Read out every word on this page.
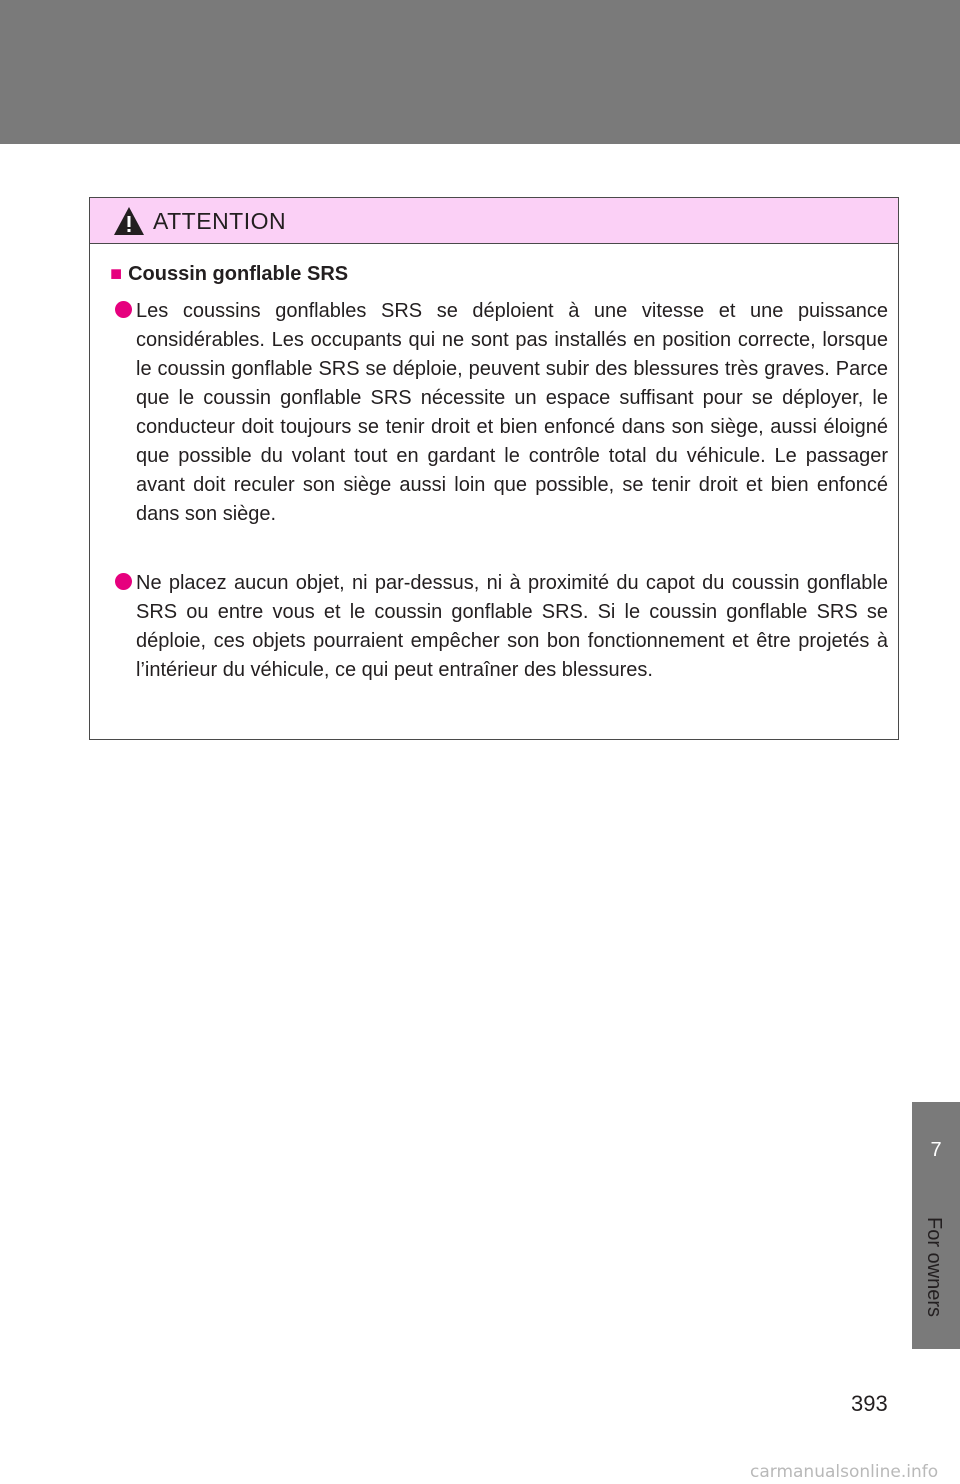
ATTENTION
■ Coussin gonflable SRS
Les coussins gonflables SRS se déploient à une vitesse et une puissance considérables. Les occupants qui ne sont pas installés en position correcte, lorsque le coussin gonflable SRS se déploie, peuvent subir des blessures très graves. Parce que le coussin gonflable SRS nécessite un espace suffisant pour se déployer, le conducteur doit toujours se tenir droit et bien enfoncé dans son siège, aussi éloigné que possible du volant tout en gardant le contrôle total du véhicule. Le passager avant doit reculer son siège aussi loin que possible, se tenir droit et bien enfoncé dans son siège.
Ne placez aucun objet, ni par-dessus, ni à proximité du capot du coussin gonflable SRS ou entre vous et le coussin gonflable SRS. Si le coussin gonflable SRS se déploie, ces objets pourraient empêcher son bon fonctionnement et être projetés à l’intérieur du véhicule, ce qui peut entraîner des blessures.
7
For owners
393
carmanualsonline.info
